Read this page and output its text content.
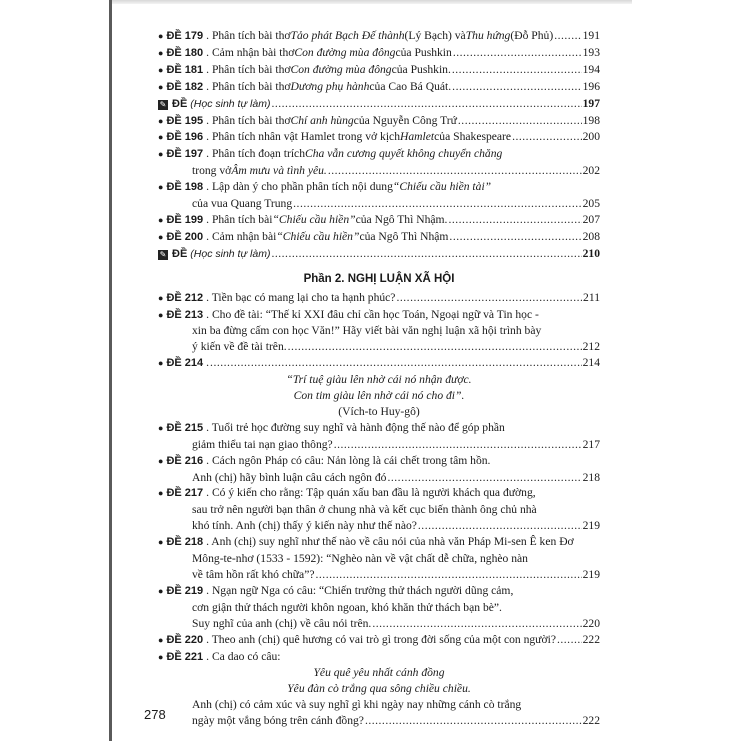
● ĐỀ 179 . Phân tích bài thơ Tảo phát Bạch Đế thành (Lý Bạch) và Thu hứng (Đỗ Phủ) .....	191
● ĐỀ 180 . Cảm nhận bài thơ Con đường mùa đông của Pushkin .....	193
● ĐỀ 181 . Phân tích bài thơ Con đường mùa đông của Pushkin. .....	194
● ĐỀ 182 . Phân tích bài thơ Dương phụ hành của Cao Bá Quát. .....	196
✎ ĐỀ (Học sinh tự làm) .....	197
● ĐỀ 195 . Phân tích bài thơ Chí anh hùng của Nguyễn Công Trứ .....	198
● ĐỀ 196 . Phân tích nhân vật Hamlet trong vở kịch Hamlet của Shakespeare .....	200
● ĐỀ 197 . Phân tích đoạn trích Cha vẫn cương quyết không chuyển chăng
trong vở Âm mưu và tình yêu. .....	202
● ĐỀ 198 . Lập dàn ý cho phần phân tích nội dung “Chiếu cầu hiền tài”
của vua Quang Trung .....	205
● ĐỀ 199 . Phân tích bài “Chiếu cầu hiền” của Ngô Thì Nhậm. .....	207
● ĐỀ 200 . Cảm nhận bài “Chiếu cầu hiền” của Ngô Thì Nhậm .....	208
✎ ĐỀ (Học sinh tự làm) .....	210
Phần 2. NGHỊ LUẬN XÃ HỘI
● ĐỀ 212 . Tiền bạc có mang lại cho ta hạnh phúc? .....	211
● ĐỀ 213 . Cho đề tài: “Thế kỉ XXI đâu chỉ cần học Toán, Ngoại ngữ và Tin học -
xin ba đừng cấm con học Văn!” Hãy viết bài văn nghị luận xã hội trình bày
ý kiến về đề tài trên. .....	212
● ĐỀ 214 . .....	214
“Trí tuệ giàu lên nhờ cái nó nhận được.
Con tim giàu lên nhờ cái nó cho đi”.
(Vích-to Huy-gô)
● ĐỀ 215 . Tuổi trẻ học đường suy nghĩ và hành động thế nào để góp phần
giảm thiểu tai nạn giao thông? .....	217
● ĐỀ 216 . Cách ngôn Pháp có câu: Nản lòng là cái chết trong tâm hồn.
Anh (chị) hãy bình luận câu cách ngôn đó .....	218
● ĐỀ 217 . Có ý kiến cho rằng: Tập quán xấu ban đầu là người khách qua đường,
sau trở nên người bạn thân ở chung nhà và kết cục biến thành ông chủ nhà
khó tính. Anh (chị) thấy ý kiến này như thế nào? .....	219
● ĐỀ 218 . Anh (chị) suy nghĩ như thế nào về câu nói của nhà văn Pháp Mi-sen Ê ken Đơ
Mông-te-nhơ (1533 - 1592): “Nghèo nàn về vật chất dễ chữa, nghèo nàn
về tâm hồn rất khó chữa”? .....	219
● ĐỀ 219 . Ngạn ngữ Nga có câu: “Chiến trường thử thách người dũng cảm,
cơn giận thử thách người khôn ngoan, khó khăn thử thách bạn bè”.
Suy nghĩ của anh (chị) về câu nói trên. .....	220
● ĐỀ 220 . Theo anh (chị) quê hương có vai trò gì trong đời sống của một con người? ..... 222
● ĐỀ 221 . Ca dao có câu:
Yêu quê yêu nhất cánh đồng
Yêu đàn cò trắng qua sông chiều chiều.
Anh (chị) có cảm xúc và suy nghĩ gì khi ngày nay những cánh cò trắng
ngày một vắng bóng trên cánh đồng? .....	222
278
